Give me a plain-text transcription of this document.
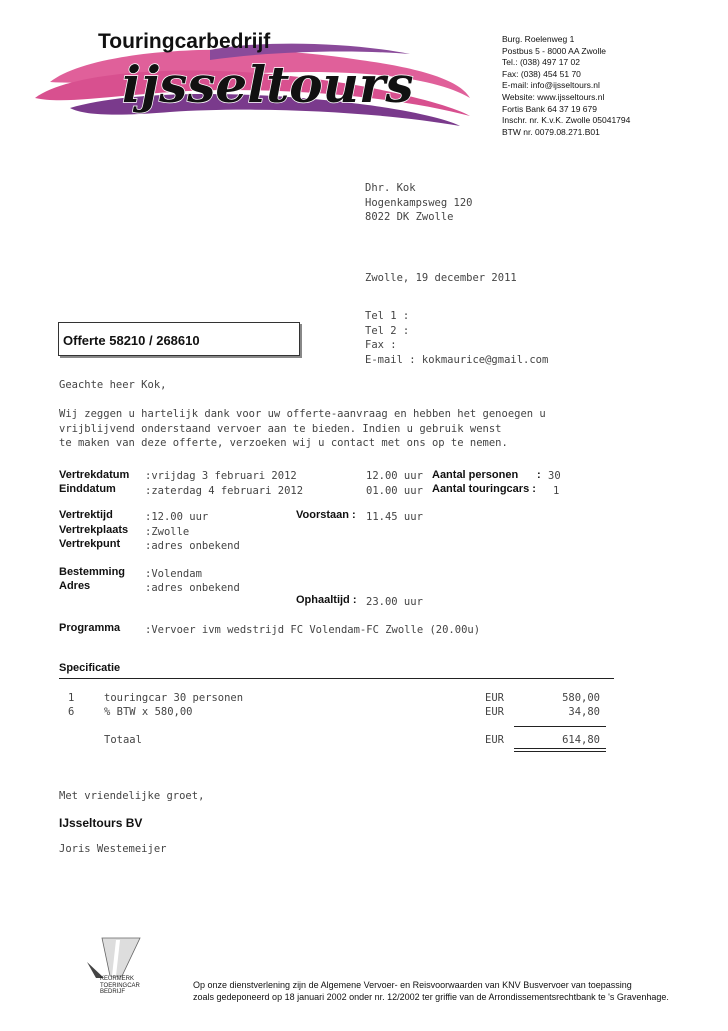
Touringcarbedrijf
ijsseltours
Burg. Roelenweg 1
Postbus 5 - 8000 AA Zwolle
Tel.: (038) 497 17 02
Fax: (038) 454 51 70
E-mail: info@ijsseltours.nl
Website: www.ijsseltours.nl
Fortis Bank 64 37 19 679
Inschr. nr. K.v.K. Zwolle 05041794
BTW nr. 0079.08.271.B01
Dhr. Kok
Hogenkampsweg 120
8022 DK Zwolle
Zwolle, 19 december 2011
Tel 1 :
Tel 2 :
Fax :
E-mail : kokmaurice@gmail.com
Offerte 58210 / 268610
Geachte heer Kok,
Wij zeggen u hartelijk dank voor uw offerte-aanvraag en hebben het genoegen u
vrijblijvend onderstaand vervoer aan te bieden. Indien u gebruik wenst
te maken van deze offerte, verzoeken wij u contact met ons op te nemen.
Vertrekdatum :vrijdag 3 februari 2012	12.00 uur Aantal personen : 30
Einddatum	:zaterdag 4 februari 2012	01.00 uur Aantal touringcars : 1
Vertrektijd	:12.00 uur	Voorstaan : 11.45 uur
Vertrekplaats :Zwolle
Vertrekpunt :adres onbekend
Bestemming :Volendam
Adres	:adres onbekend
Ophaaltijd : 23.00 uur
Programma :Vervoer ivm wedstrijd FC Volendam-FC Zwolle (20.00u)
Specificatie
1	touringcar 30 personen	EUR	580,00
6	% BTW x 580,00	EUR	34,80
Totaal	EUR	614,80
Met vriendelijke groet,
IJsseltours BV
Joris Westemeijer
KEURMERK
TOERINGCAR
BEDRIJF
Op onze dienstverlening zijn de Algemene Vervoer- en Reisvoorwaarden van KNV Busvervoer van toepassing
zoals gedeponeerd op 18 januari 2002 onder nr. 12/2002 ter griffie van de Arrondissementsrechtbank te 's Gravenhage.
